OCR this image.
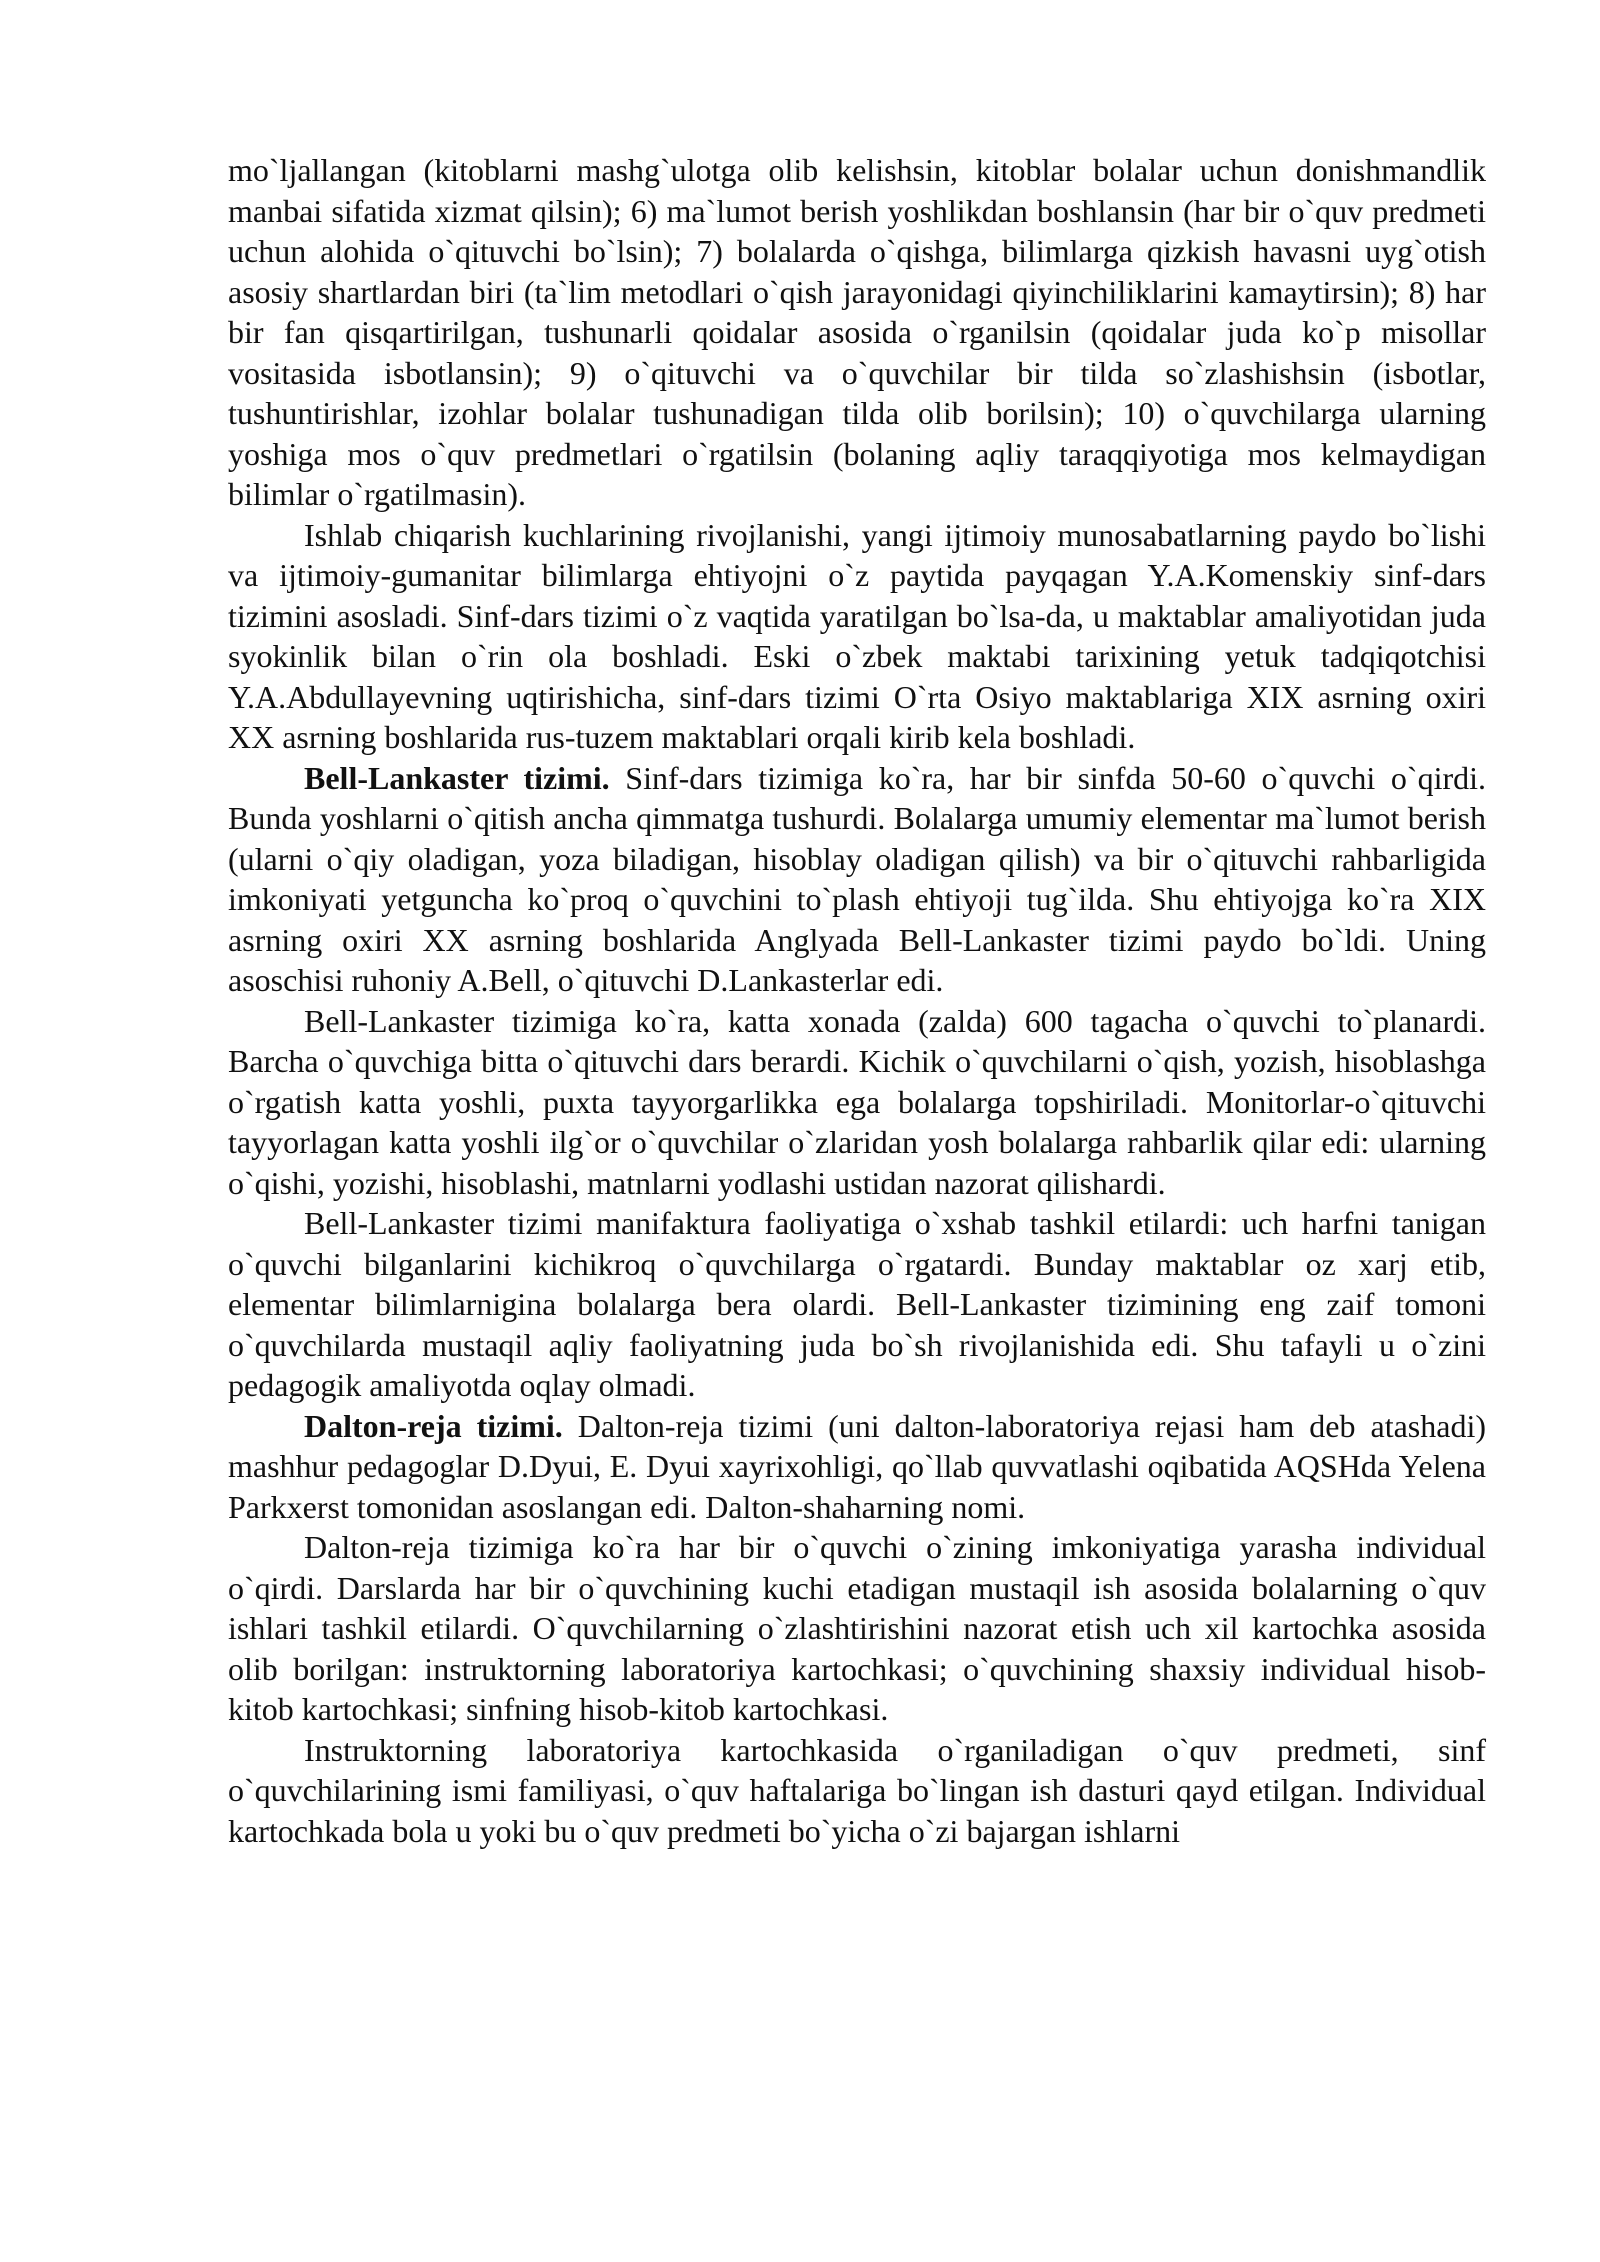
mo`ljallangan (kitoblarni mashg`ulotga olib kelishsin, kitoblar bolalar uchun donishmandlik manbai sifatida xizmat qilsin); 6) ma`lumot berish yoshlikdan boshlansin (har bir o`quv predmeti uchun alohida o`qituvchi bo`lsin); 7) bolalarda o`qishga, bilimlarga qizkish havasni uyg`otish asosiy shartlardan biri (ta`lim metodlari o`qish jarayonidagi qiyinchiliklarini kamaytirsin); 8) har bir fan qisqartirilgan, tushunarli qoidalar asosida o`rganilsin (qoidalar juda ko`p misollar vositasida isbotlansin); 9) o`qituvchi va o`quvchilar bir tilda so`zlashishsin (isbotlar, tushuntirishlar, izohlar bolalar tushunadigan tilda olib borilsin); 10) o`quvchilarga ularning yoshiga mos o`quv predmetlari o`rgatilsin (bolaning aqliy taraqqiyotiga mos kelmaydigan bilimlar o`rgatilmasin).

Ishlab chiqarish kuchlarining rivojlanishi, yangi ijtimoiy munosabatlarning paydo bo`lishi va ijtimoiy-gumanitar bilimlarga ehtiyojni o`z paytida payqagan Y.A.Komenskiy sinf-dars tizimini asosladi. Sinf-dars tizimi o`z vaqtida yaratilgan bo`lsa-da, u maktablar amaliyotidan juda syokinlik bilan o`rin ola boshladi. Eski o`zbek maktabi tarixining yetuk tadqiqotchisi Y.A.Abdullayevning uqtirishicha, sinf-dars tizimi O`rta Osiyo maktablariga XIX asrning oxiri XX asrning boshlarida rus-tuzem maktablari orqali kirib kela boshladi.

Bell-Lankaster tizimi. Sinf-dars tizimiga ko`ra, har bir sinfda 50-60 o`quvchi o`qirdi. Bunda yoshlarni o`qitish ancha qimmatga tushurdi. Bolalarga umumiy elementar ma`lumot berish (ularni o`qiy oladigan, yoza biladigan, hisoblay oladigan qilish) va bir o`qituvchi rahbarligida imkoniyati yetguncha ko`proq o`quvchini to`plash ehtiyoji tug`ilda. Shu ehtiyojga ko`ra XIX asrning oxiri XX asrning boshlarida Anglyada Bell-Lankaster tizimi paydo bo`ldi. Uning asoschisi ruhoniy A.Bell, o`qituvchi D.Lankasterlar edi.

Bell-Lankaster tizimiga ko`ra, katta xonada (zalda) 600 tagacha o`quvchi to`planardi. Barcha o`quvchiga bitta o`qituvchi dars berardi. Kichik o`quvchilarni o`qish, yozish, hisoblashga o`rgatish katta yoshli, puxta tayyorgarlikka ega bolalarga topshiriladi. Monitorlar-o`qituvchi tayyorlagan katta yoshli ilg`or o`quvchilar o`zlaridan yosh bolalarga rahbarlik qilar edi: ularning o`qishi, yozishi, hisoblashi, matnlarni yodlashi ustidan nazorat qilishardi.

Bell-Lankaster tizimi manifaktura faoliyatiga o`xshab tashkil etilardi: uch harfni tanigan o`quvchi bilganlarini kichikroq o`quvchilarga o`rgatardi. Bunday maktablar oz xarj etib, elementar bilimlarnigina bolalarga bera olardi. Bell-Lankaster tizimining eng zaif tomoni o`quvchilarda mustaqil aqliy faoliyatning juda bo`sh rivojlanishida edi. Shu tafayli u o`zini pedagogik amaliyotda oqlay olmadi.

Dalton-reja tizimi. Dalton-reja tizimi (uni dalton-laboratoriya rejasi ham deb atashadi) mashhur pedagoglar D.Dyui, E. Dyui xayrixohligi, qo`llab quvvatlashi oqibatida AQSHda Yelena Parkxerst tomonidan asoslangan edi. Dalton-shaharning nomi.

Dalton-reja tizimiga ko`ra har bir o`quvchi o`zining imkoniyatiga yarasha individual o`qirdi. Darslarda har bir o`quvchining kuchi etadigan mustaqil ish asosida bolalarning o`quv ishlari tashkil etilardi. O`quvchilarning o`zlashtirishini nazorat etish uch xil kartochka asosida olib borilgan: instruktorning laboratoriya kartochkasi; o`quvchining shaxsiy individual hisob-kitob kartochkasi; sinfning hisob-kitob kartochkasi.

Instruktorning laboratoriya kartochkasida o`rganiladigan o`quv predmeti, sinf o`quvchilarining ismi familiyasi, o`quv haftalariga bo`lingan ish dasturi qayd etilgan. Individual kartochkada bola u yoki bu o`quv predmeti bo`yicha o`zi bajargan ishlarni
